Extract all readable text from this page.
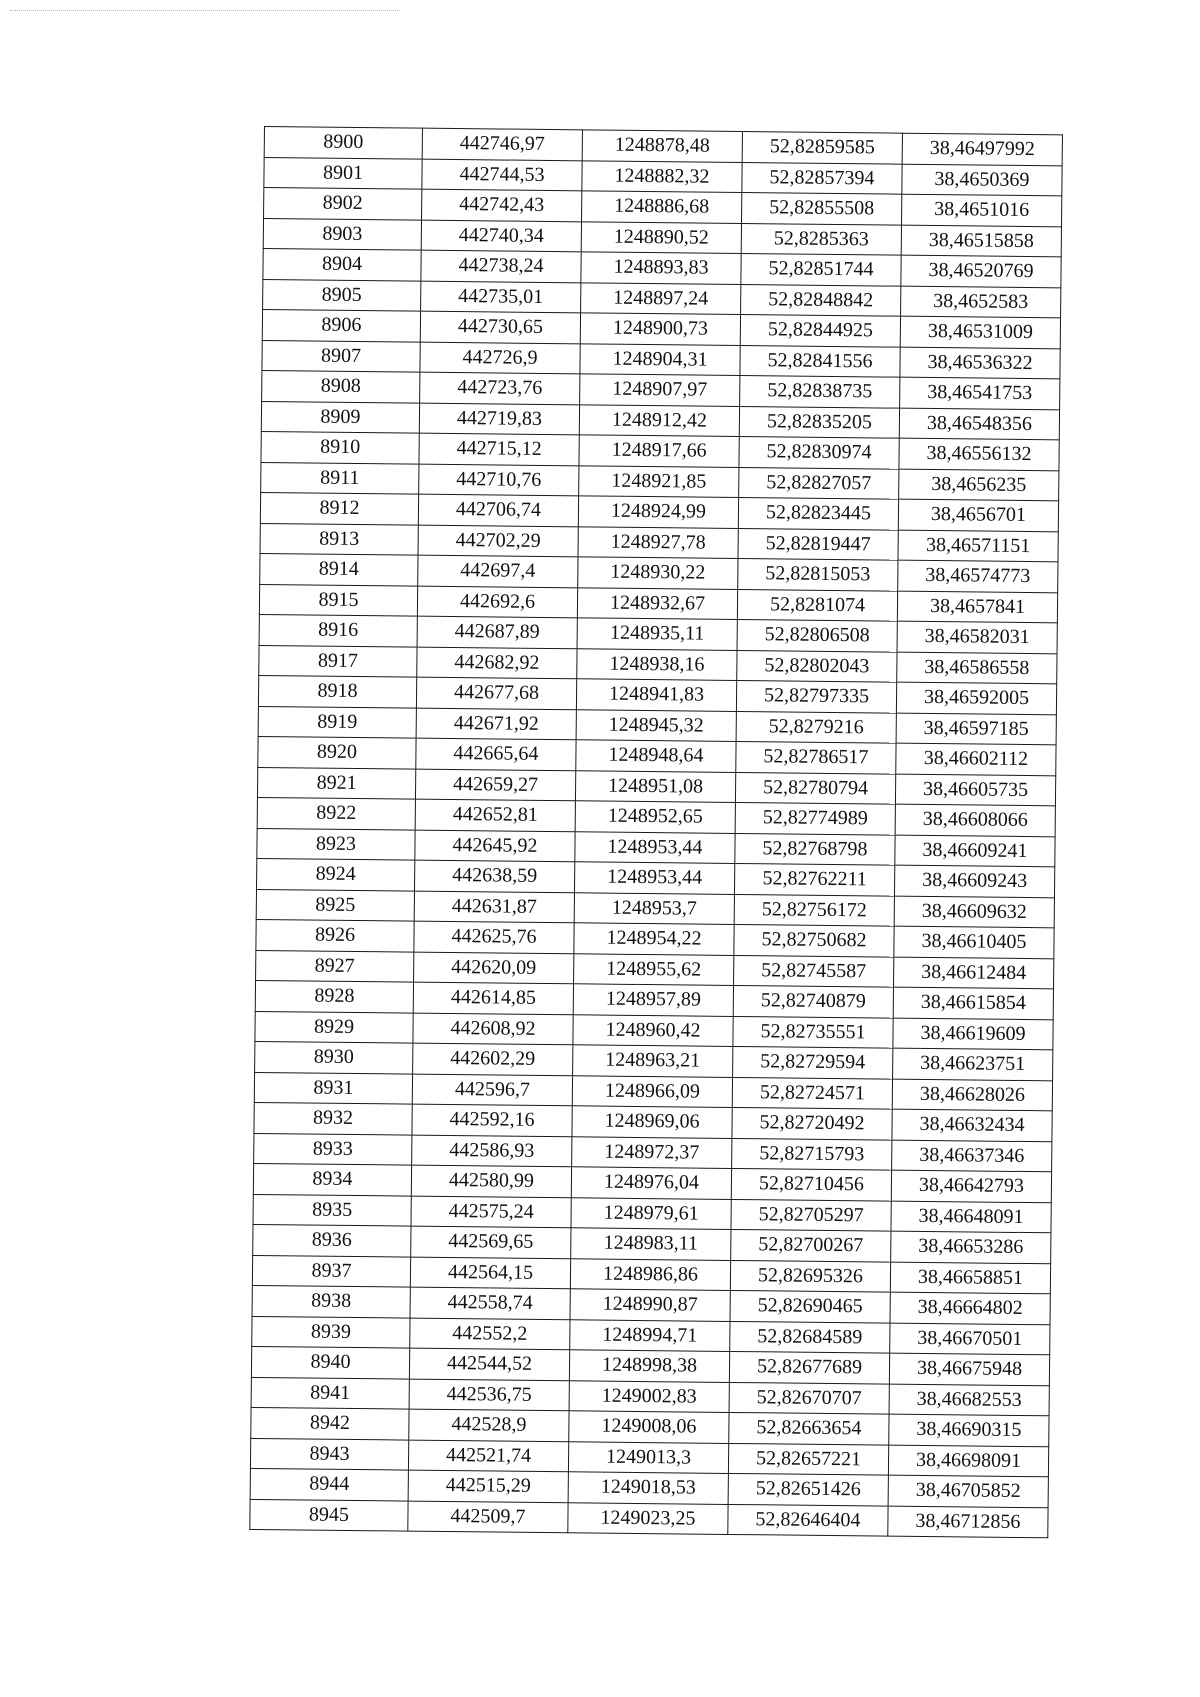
8900	442746,97	1248878,48	52,82859585	38,46497992
8901	442744,53	1248882,32	52,82857394	38,4650369
8902	442742,43	1248886,68	52,82855508	38,4651016
8903	442740,34	1248890,52	52,8285363	38,46515858
8904	442738,24	1248893,83	52,82851744	38,46520769
8905	442735,01	1248897,24	52,82848842	38,4652583
8906	442730,65	1248900,73	52,82844925	38,46531009
8907	442726,9	1248904,31	52,82841556	38,46536322
8908	442723,76	1248907,97	52,82838735	38,46541753
8909	442719,83	1248912,42	52,82835205	38,46548356
8910	442715,12	1248917,66	52,82830974	38,46556132
8911	442710,76	1248921,85	52,82827057	38,4656235
8912	442706,74	1248924,99	52,82823445	38,4656701
8913	442702,29	1248927,78	52,82819447	38,46571151
8914	442697,4	1248930,22	52,82815053	38,46574773
8915	442692,6	1248932,67	52,8281074	38,4657841
8916	442687,89	1248935,11	52,82806508	38,46582031
8917	442682,92	1248938,16	52,82802043	38,46586558
8918	442677,68	1248941,83	52,82797335	38,46592005
8919	442671,92	1248945,32	52,8279216	38,46597185
8920	442665,64	1248948,64	52,82786517	38,46602112
8921	442659,27	1248951,08	52,82780794	38,46605735
8922	442652,81	1248952,65	52,82774989	38,46608066
8923	442645,92	1248953,44	52,82768798	38,46609241
8924	442638,59	1248953,44	52,82762211	38,46609243
8925	442631,87	1248953,7	52,82756172	38,46609632
8926	442625,76	1248954,22	52,82750682	38,46610405
8927	442620,09	1248955,62	52,82745587	38,46612484
8928	442614,85	1248957,89	52,82740879	38,46615854
8929	442608,92	1248960,42	52,82735551	38,46619609
8930	442602,29	1248963,21	52,82729594	38,46623751
8931	442596,7	1248966,09	52,82724571	38,46628026
8932	442592,16	1248969,06	52,82720492	38,46632434
8933	442586,93	1248972,37	52,82715793	38,46637346
8934	442580,99	1248976,04	52,82710456	38,46642793
8935	442575,24	1248979,61	52,82705297	38,46648091
8936	442569,65	1248983,11	52,82700267	38,46653286
8937	442564,15	1248986,86	52,82695326	38,46658851
8938	442558,74	1248990,87	52,82690465	38,46664802
8939	442552,2	1248994,71	52,82684589	38,46670501
8940	442544,52	1248998,38	52,82677689	38,46675948
8941	442536,75	1249002,83	52,82670707	38,46682553
8942	442528,9	1249008,06	52,82663654	38,46690315
8943	442521,74	1249013,3	52,82657221	38,46698091
8944	442515,29	1249018,53	52,82651426	38,46705852
8945	442509,7	1249023,25	52,82646404	38,46712856
